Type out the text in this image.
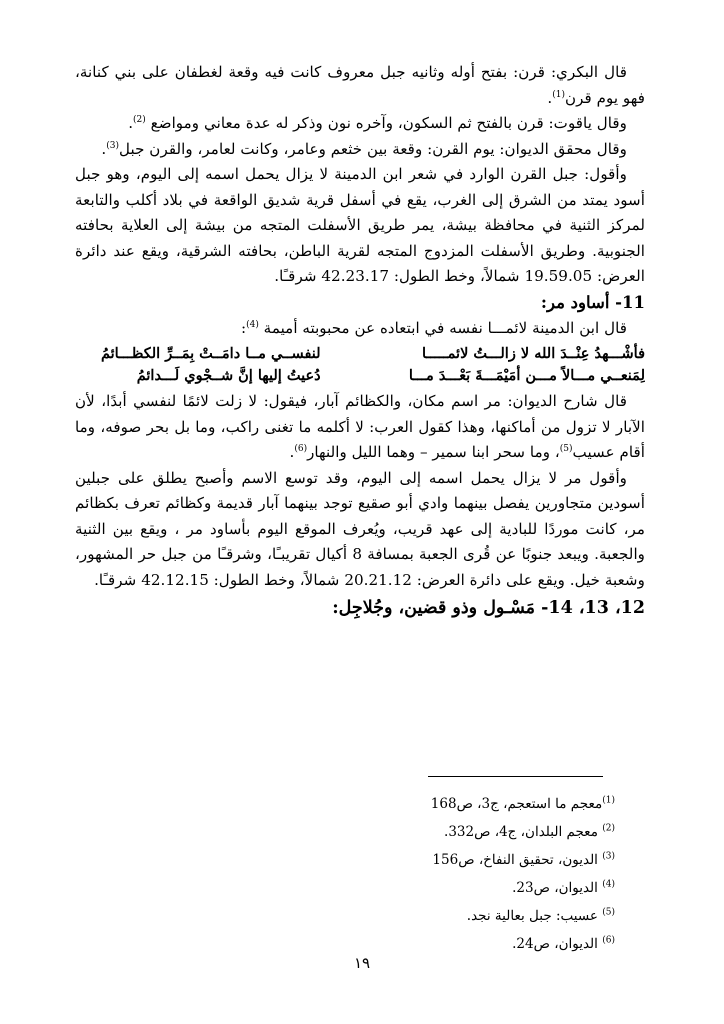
قال البكري: قرن: بفتح أوله وثانيه جبل معروف كانت فيه وقعة لغطفان على بني كنانة، فهو يوم قرن$^{(1)}$.

وقال ياقوت: قرن بالفتح ثم السكون، وآخره نون وذكر له عدة معاني ومواضع $^{(2)}$.

وقال محقق الديوان: يوم القرن: وقعة بين خثعم وعامر، وكانت لعامر، والقرن جبل$^{(3)}$.

وأقول: جبل القرن الوارد في شعر ابن الدمينة لا يزال يحمل اسمه إلى اليوم، وهو جبل أسود يمتد من الشرق إلى الغرب، يقع في أسفل قرية شديق الواقعة في بلاد أكلب والتابعة لمركز الثنية في محافظة بيشة، يمر طريق الأسفلت المتجه من بيشة إلى العلاية بحافته الجنوبية. وطريق الأسفلت المزدوج المتجه لقرية الباطن، بحافته الشرقية، ويقع عند دائرة العرض: 19.59.05 شمالاً، وخط الطول: 42.23.17 شرقـًا.

11- أساود مر:

قال ابن الدمينة لائمـــا نفسه في ابتعاده عن محبوبته أميمة $^{(4)}$:

فأشْـــهدُ عِنْــدَ الله لا زالـــتُ لائمـــــا
لنفســي مــا دامَــتْ بِمَــرِّ الكظـــائمُ
لِمَنعــي مـــالاً مـــن أمَيْمَـــةَ بَعْـــدَ مـــا
دُعيتُ إليها إنَّ شــجْوي لَـــدائمُ

قال شارح الديوان: مر اسم مكان، والكظائم آبار، فيقول: لا زلت لائمًا لنفسي أبدًا، لأن الآبار لا تزول من أماكنها، وهذا كقول العرب: لا أكلمه ما تغنى راكب، وما بل بحر صوفه، وما أقام عسيب$^{(5)}$، وما سحر ابنا سمير – وهما الليل والنهار$^{(6)}$.

وأقول مر لا يزال يحمل اسمه إلى اليوم، وقد توسع الاسم وأصبح يطلق على جبلين أسودين متجاورين يفصل بينهما وادي أبو صقيع توجد بينهما آبار قديمة وكظائم تعرف بكظائم مر، كانت موردًا للبادية إلى عهد قريب، ويُعرف الموقع اليوم بأساود مر ، ويقع بين الثنية والجعبة. ويبعد جنوبًا عن قُرى الجعبة بمسافة 8 أكيال تقريبـًا، وشرقـًا من جبل حر المشهور، وشعبة خيل. ويقع على دائرة العرض: 20.21.12 شمالاً، وخط الطول: 42.12.15 شرقـًا.

12، 13، 14- مَسْـول وذو قضين، وجُلاجِل:

$^{(1)}$معجم ما استعجم، ج3، ص168

$^{(2)}$ معجم البلدان، ج4، ص332.

$^{(3)}$ الديون، تحقيق النفاخ، ص156

$^{(4)}$ الديوان، ص23.

$^{(5)}$ عسيب: جبل بعالية نجد.

$^{(6)}$ الديوان، ص24.

١٩
